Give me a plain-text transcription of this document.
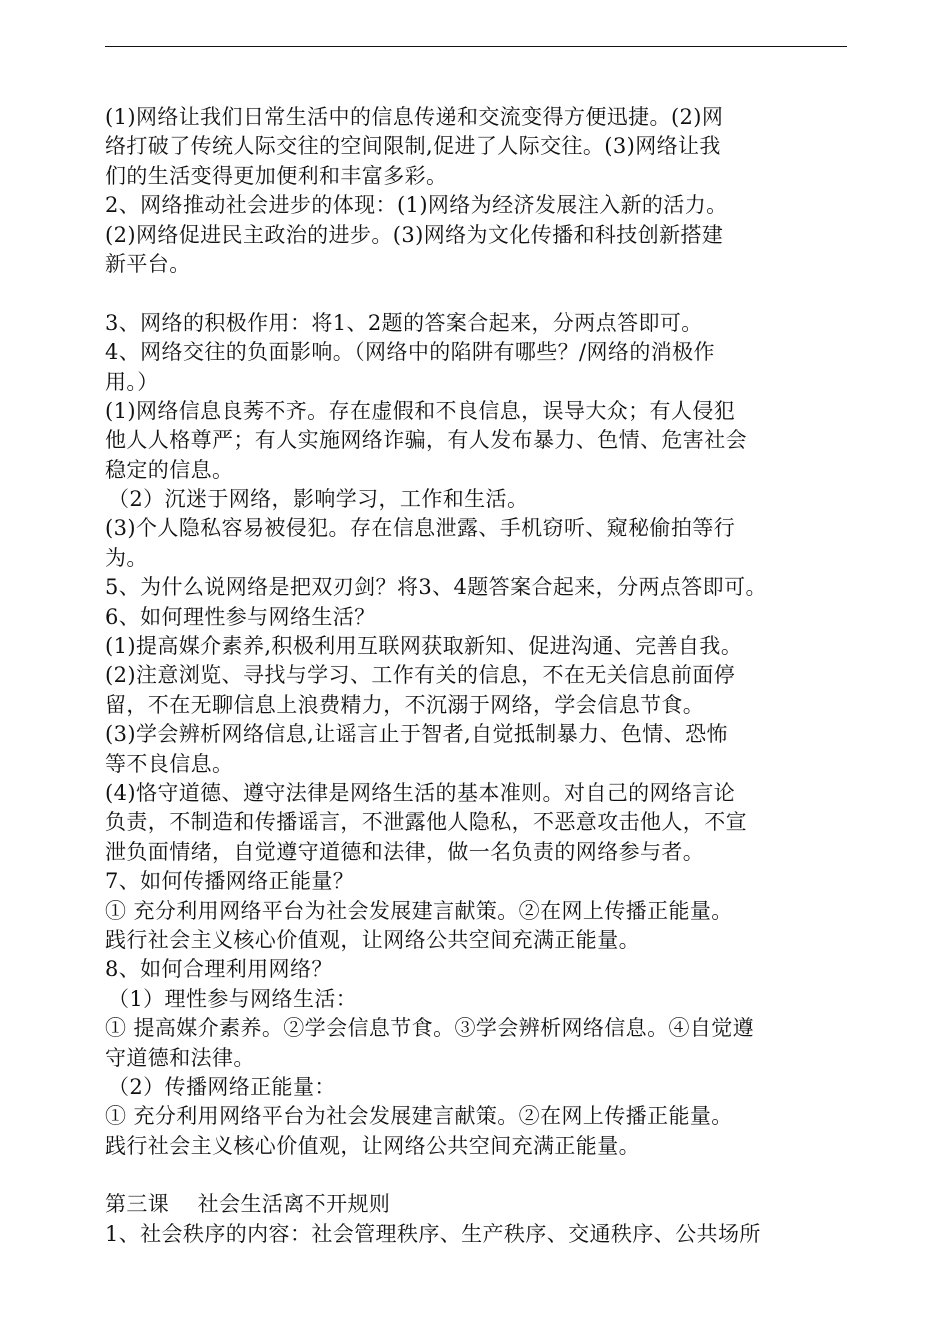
(1)网络让我们日常生活中的信息传递和交流变得方便迅捷。(2)网
络打破了传统人际交往的空间限制,促进了人际交往。(3)网络让我
们的生活变得更加便利和丰富多彩。
2、网络推动社会进步的体现：(1)网络为经济发展注入新的活力。
(2)网络促进民主政治的进步。(3)网络为文化传播和科技创新搭建
新平台。
3、网络的积极作用：将1、2题的答案合起来，分两点答即可。
4、网络交往的负面影响。（网络中的陷阱有哪些？/网络的消极作
用。）
(1)网络信息良莠不齐。存在虚假和不良信息，误导大众；有人侵犯
他人人格尊严；有人实施网络诈骗，有人发布暴力、色情、危害社会
稳定的信息。
（2）沉迷于网络，影响学习，工作和生活。
(3)个人隐私容易被侵犯。存在信息泄露、手机窃听、窥秘偷拍等行
为。
5、为什么说网络是把双刃剑？将3、4题答案合起来，分两点答即可。
6、如何理性参与网络生活？
(1)提高媒介素养,积极利用互联网获取新知、促进沟通、完善自我。
(2)注意浏览、寻找与学习、工作有关的信息，不在无关信息前面停
留，不在无聊信息上浪费精力，不沉溺于网络，学会信息节食。
(3)学会辨析网络信息,让谣言止于智者,自觉抵制暴力、色情、恐怖
等不良信息。
(4)恪守道德、遵守法律是网络生活的基本准则。对自己的网络言论
负责，不制造和传播谣言，不泄露他人隐私，不恶意攻击他人，不宣
泄负面情绪，自觉遵守道德和法律，做一名负责的网络参与者。
7、如何传播网络正能量？
① 充分利用网络平台为社会发展建言献策。②在网上传播正能量。
践行社会主义核心价值观，让网络公共空间充满正能量。
8、如何合理利用网络？
（1）理性参与网络生活：
① 提高媒介素养。②学会信息节食。③学会辨析网络信息。④自觉遵
守道德和法律。
（2）传播网络正能量：
① 充分利用网络平台为社会发展建言献策。②在网上传播正能量。
践行社会主义核心价值观，让网络公共空间充满正能量。
第三课　 社会生活离不开规则
1、社会秩序的内容：社会管理秩序、生产秩序、交通秩序、公共场所
